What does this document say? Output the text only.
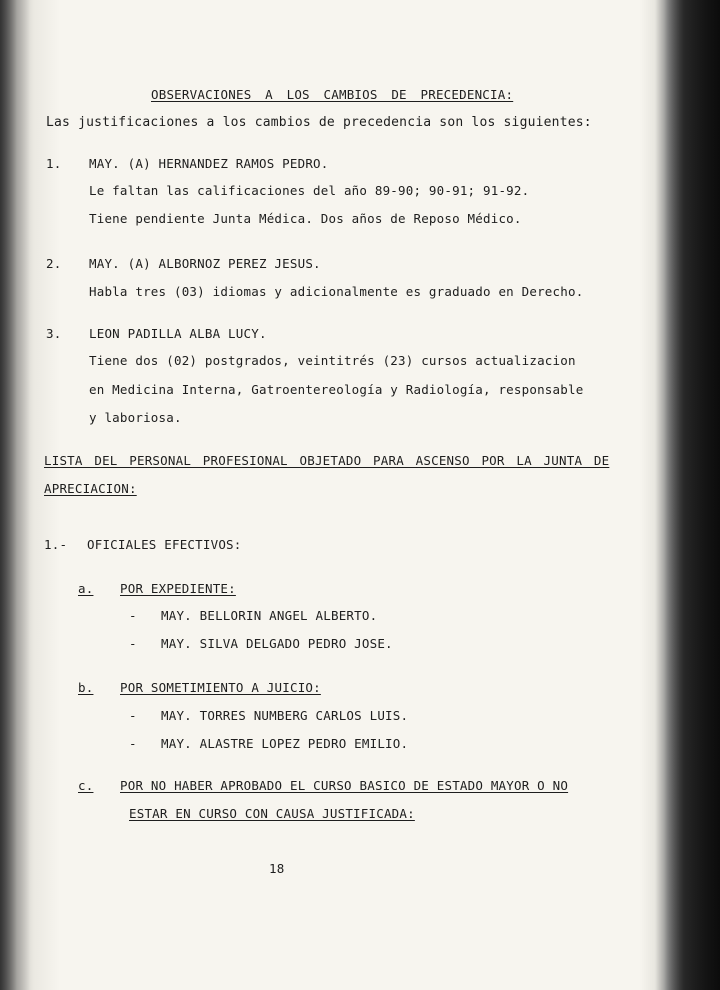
OBSERVACIONES A LOS CAMBIOS DE PRECEDENCIA:
Las justificaciones a los cambios de precedencia son los siguientes:
1. MAY. (A) HERNANDEZ RAMOS PEDRO.
Le faltan las calificaciones del año 89-90; 90-91; 91-92.
Tiene pendiente Junta Médica. Dos años de Reposo Médico.
2. MAY. (A) ALBORNOZ PEREZ JESUS.
Habla tres (03) idiomas y adicionalmente es graduado en Derecho.
3. LEON PADILLA ALBA LUCY.
Tiene dos (02) postgrados, veintitrés (23) cursos actualizacion
en Medicina Interna, Gatroentereología y Radiología, responsable
y laboriosa.
LISTA DEL PERSONAL PROFESIONAL OBJETADO PARA ASCENSO POR LA JUNTA DE
APRECIACION:
1.- OFICIALES EFECTIVOS:
a. POR EXPEDIENTE:
- MAY. BELLORIN ANGEL ALBERTO.
- MAY. SILVA DELGADO PEDRO JOSE.
b. POR SOMETIMIENTO A JUICIO:
- MAY. TORRES NUMBERG CARLOS LUIS.
- MAY. ALASTRE LOPEZ PEDRO EMILIO.
c. POR NO HABER APROBADO EL CURSO BASICO DE ESTADO MAYOR O NO
ESTAR EN CURSO CON CAUSA JUSTIFICADA:
18
